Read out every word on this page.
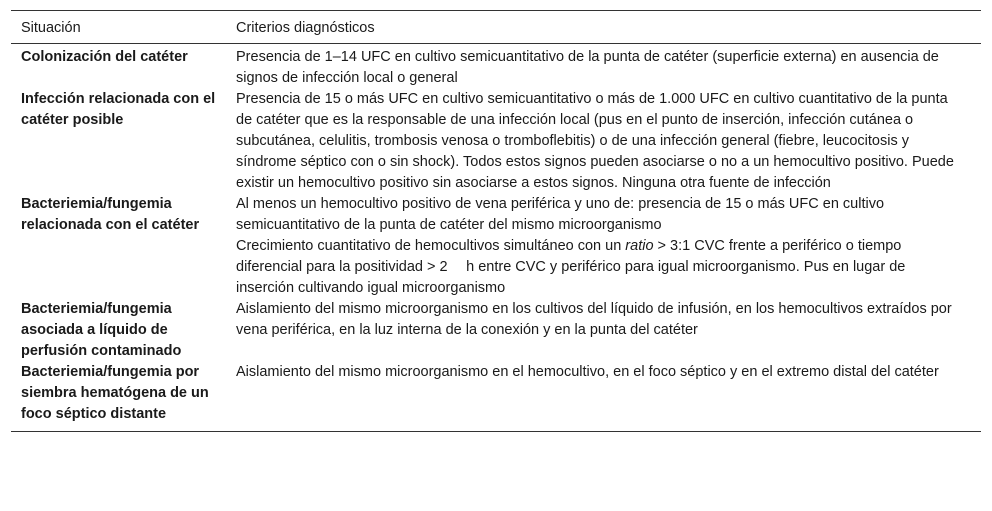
Situación	Criterios diagnósticos
Colonización del catéter	Presencia de 1–14 UFC en cultivo semicuantitativo de la punta de catéter (superficie externa) en ausencia de signos de infección local o general

Infección relacionada con el catéter posible	Presencia de 15 o más UFC en cultivo semicuantitativo o más de 1.000 UFC en cultivo cuantitativo de la punta de catéter que es la responsable de una infección local (pus en el punto de inserción, infección cutánea o subcutánea, celulitis, trombosis venosa o tromboflebitis) o de una infección general (fiebre, leucocitosis y síndrome séptico con o sin shock). Todos estos signos pueden asociarse o no a un hemocultivo positivo. Puede existir un hemocultivo positivo sin asociarse a estos signos. Ninguna otra fuente de infección

Bacteriemia/fungemia relacionada con el catéter	Al menos un hemocultivo positivo de vena periférica y uno de: presencia de 15 o más UFC en cultivo semicuantitativo de la punta de catéter del mismo microorganismo
Crecimiento cuantitativo de hemocultivos simultáneo con un ratio > 3:1 CVC frente a periférico o tiempo diferencial para la positividad > 2  h entre CVC y periférico para igual microorganismo. Pus en lugar de inserción cultivando igual microorganismo

Bacteriemia/fungemia asociada a líquido de perfusión contaminado	Aislamiento del mismo microorganismo en los cultivos del líquido de infusión, en los hemocultivos extraídos por vena periférica, en la luz interna de la conexión y en la punta del catéter

Bacteriemia/fungemia por siembra hematógena de un foco séptico distante	Aislamiento del mismo microorganismo en el hemocultivo, en el foco séptico y en el extremo distal del catéter
